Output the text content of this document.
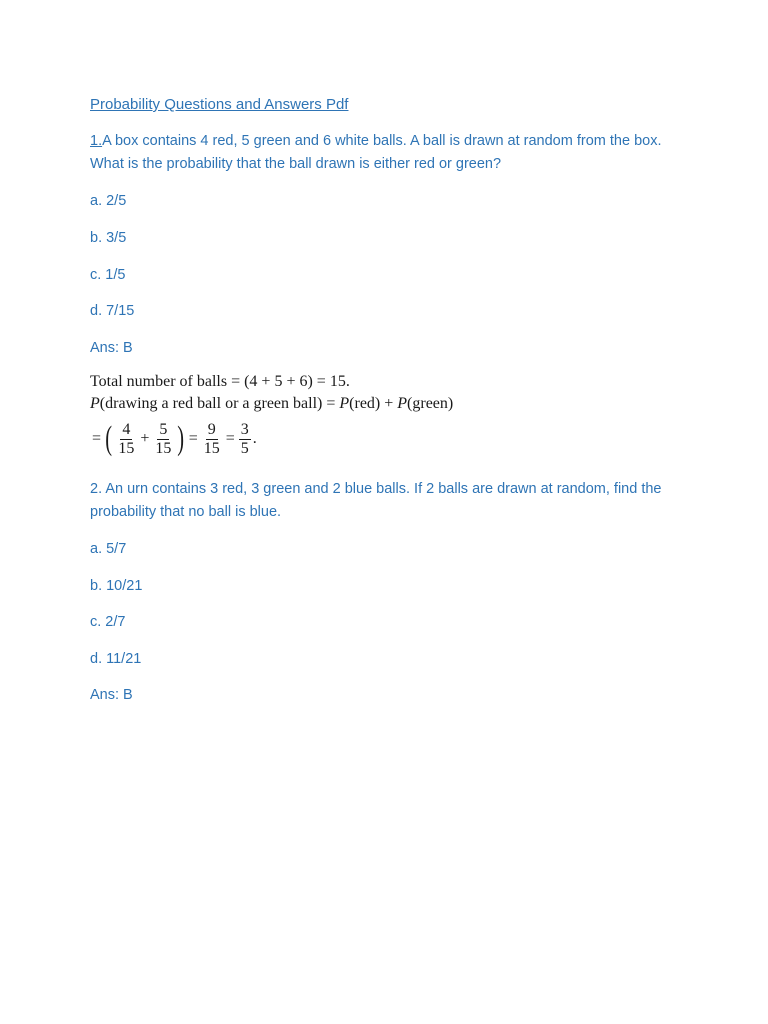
Probability Questions and Answers Pdf

1.A box contains 4 red, 5 green and 6 white balls. A ball is drawn at random from the box. What is the probability that the ball drawn is either red or green?

a. 2/5

b. 3/5

c. 1/5

d. 7/15

Ans: B

Total number of balls = (4 + 5 + 6) = 15.
P(drawing a red ball or a green ball) = P(red) + P(green)
= ( $\frac{4}{15} + \frac{5}{15}$ ) = $\frac{9}{15} = \frac{3}{5}$ .

2. An urn contains 3 red, 3 green and 2 blue balls. If 2 balls are drawn at random, find the probability that no ball is blue.

a. 5/7

b. 10/21

c. 2/7

d. 11/21

Ans: B
